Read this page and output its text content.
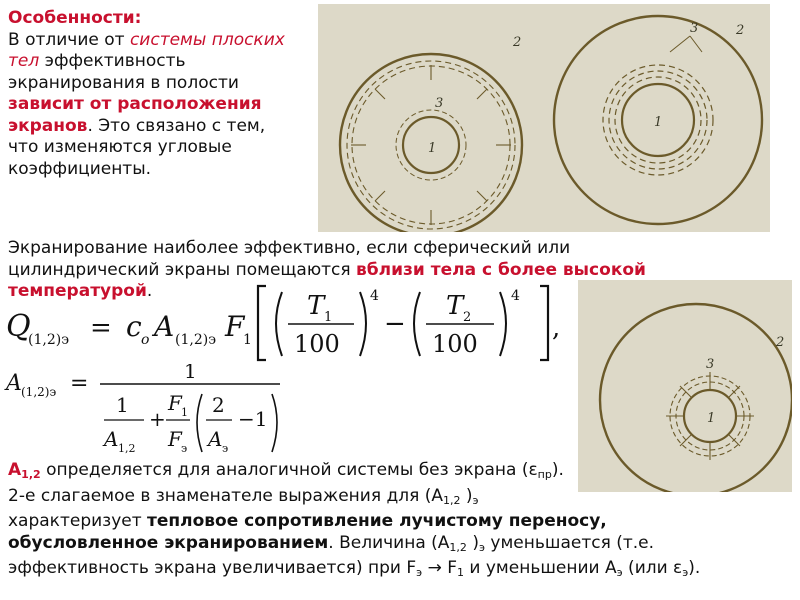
Особенности:
В отличие от системы плоских
тел эффективность
экранирования в полости
зависит от расположения
экранов. Это связано с тем,
что изменяются угловые
коэффициенты.
1
3
2
1
3	2
Экранирование наиболее эффективно, если сферический или
цилиндрический экраны помещаются вблизи тела с более высокой
температурой.
Q
(1,2)э = c o A (1,2)э F
1
T 1
100
4
−
T 2
100
4
,
A (1,2)э =	1
1
A 1,2
+
F 1
F э
2
A э
−1	1
3
2
$A_{1,2}$ определяется для аналогичной системы без экрана $(\varepsilon_{пр})$.
2-е слагаемое в знаменателе выражения для ($A_{1,2}$ )$_э$
характеризует тепловое сопротивление лучистому переносу,
обусловленное экранированием. Величина ($A_{1,2}$ )$_э$ уменьшается (т.е.
эффективность экрана увеличивается) при $F_э \to F_1$ и уменьшении $A_э$ (или $\varepsilon_э$).
